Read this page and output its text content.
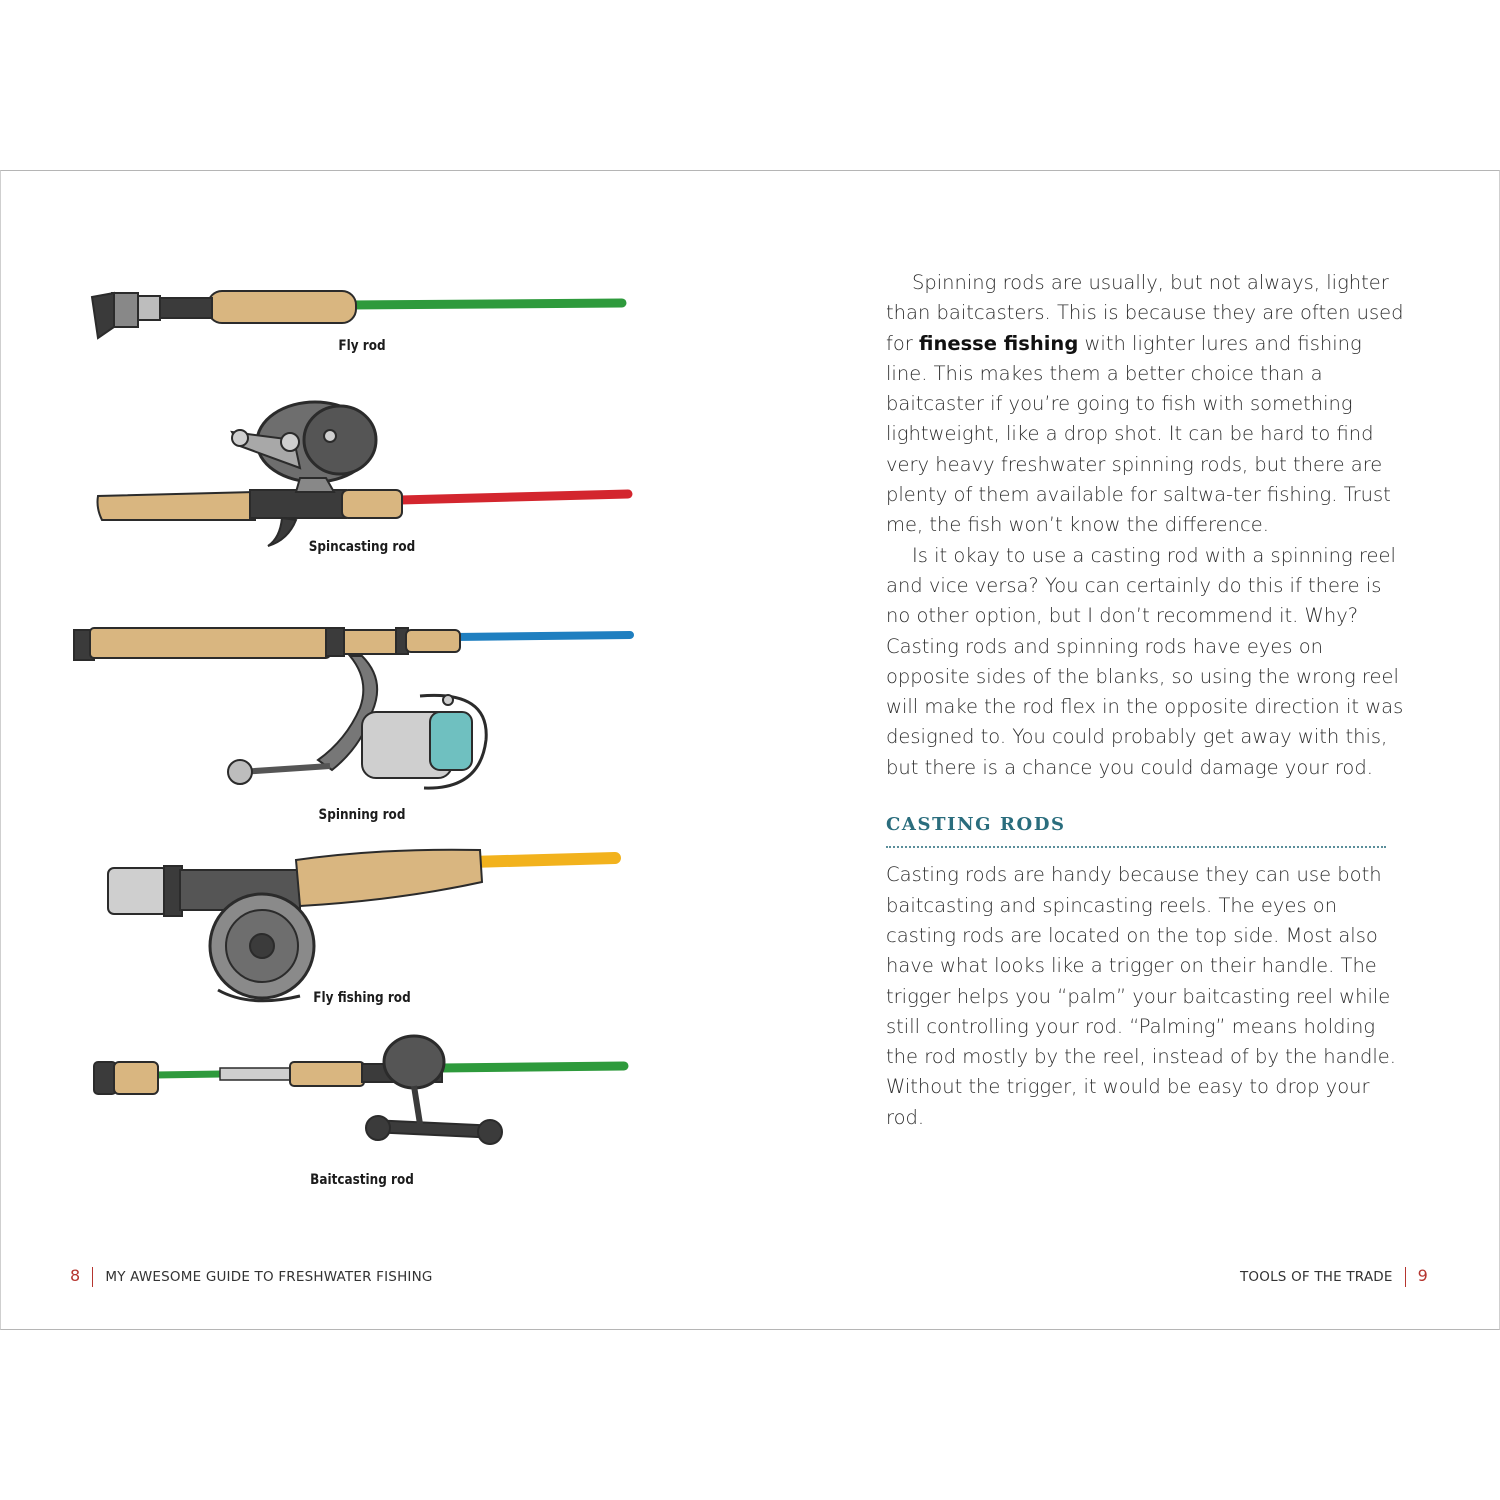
Fly rod
Spincasting rod
Spinning rod
Fly fishing rod
Baitcasting rod

Spinning rods are usually, but not always, lighter than baitcasters. This is because they are often used for finesse fishing with lighter lures and fishing line. This makes them a better choice than a baitcaster if you’re going to fish with something lightweight, like a drop shot. It can be hard to find very heavy freshwater spinning rods, but there are plenty of them available for saltwa-ter fishing. Trust me, the fish won’t know the difference.

Is it okay to use a casting rod with a spinning reel and vice versa? You can certainly do this if there is no other option, but I don’t recommend it. Why? Casting rods and spinning rods have eyes on opposite sides of the blanks, so using the wrong reel will make the rod flex in the opposite direction it was designed to. You could probably get away with this, but there is a chance you could damage your rod.

CASTING RODS

Casting rods are handy because they can use both baitcasting and spincasting reels. The eyes on casting rods are located on the top side. Most also have what looks like a trigger on their handle. The trigger helps you “palm” your baitcasting reel while still controlling your rod. “Palming” means holding the rod mostly by the reel, instead of by the handle. Without the trigger, it would be easy to drop your rod.

8 MY AWESOME GUIDE TO FRESHWATER FISHING	TOOLS OF THE TRADE 9
